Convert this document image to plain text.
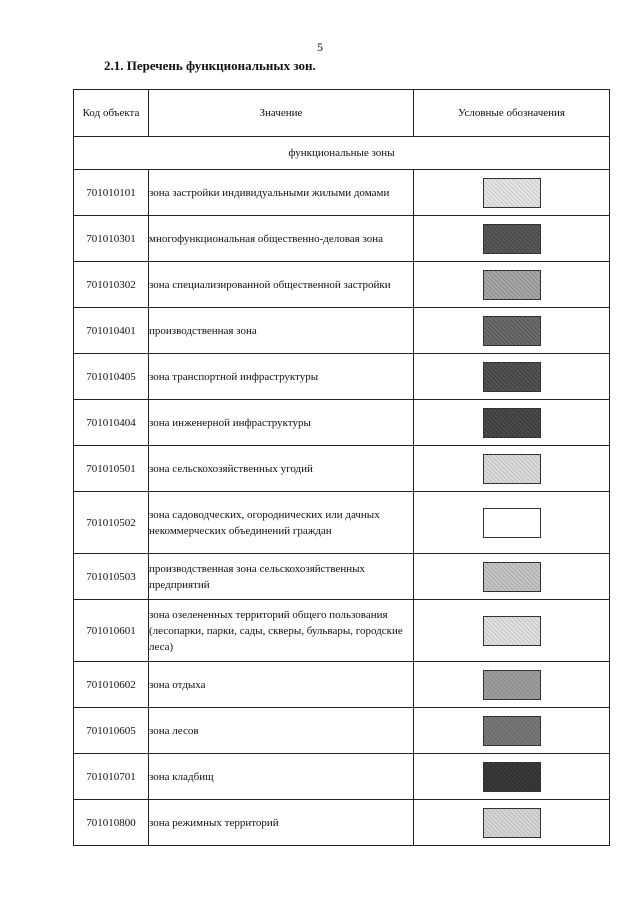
5
2.1. Перечень функциональных зон.
Код объекта	Значение	Условные обозначения
функциональные зоны		
701010101	зона застройки индивидуальными жилыми домами	
701010301	многофункциональная общественно-деловая зона	
701010302	зона специализированной общественной застройки	
701010401	производственная зона	
701010405	зона транспортной инфраструктуры	
701010404	зона инженерной инфраструктуры	
701010501	зона сельскохозяйственных угодий	
701010502	зона садоводческих, огороднических или дачных некоммерческих объединений граждан	
701010503	производственная зона сельскохозяйственных предприятий	
701010601	зона озелененных территорий общего пользования (лесопарки, парки, сады, скверы, бульвары, городские леса)	
701010602	зона отдыха	
701010605	зона лесов	
701010701	зона кладбищ	
701010800	зона режимных территорий	
